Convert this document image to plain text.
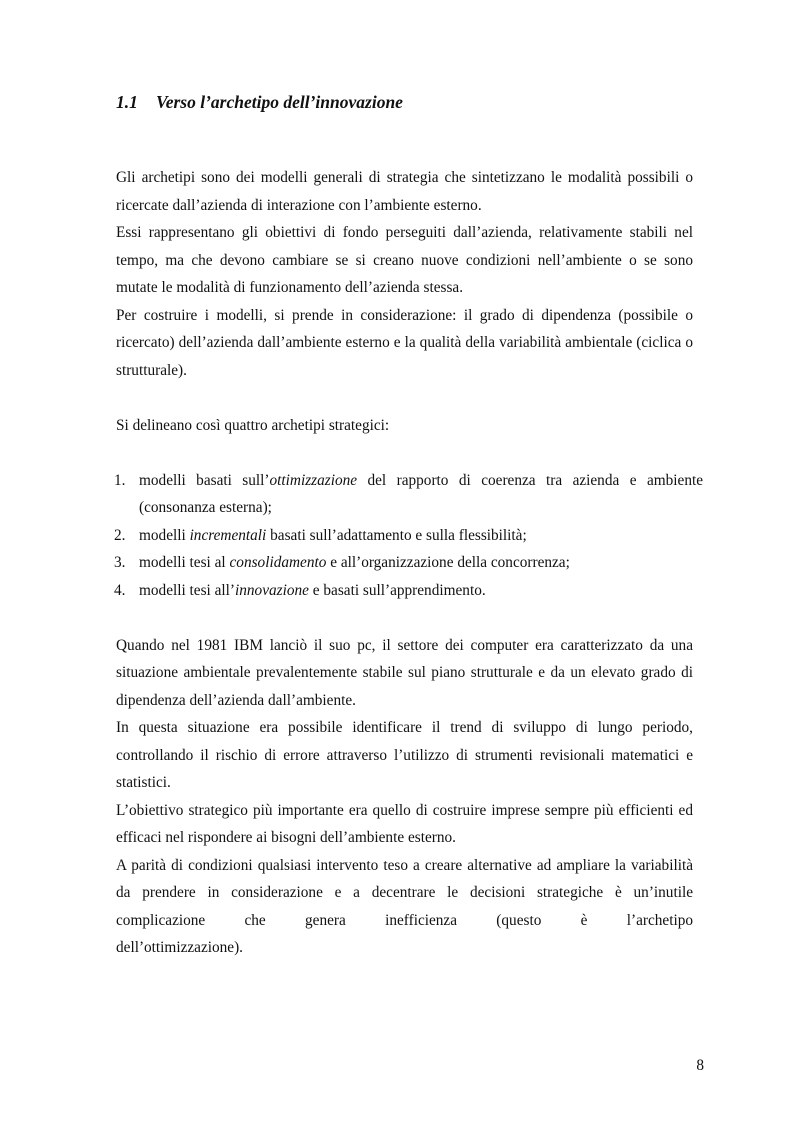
1.1 Verso l’archetipo dell’innovazione

Gli archetipi sono dei modelli generali di strategia che sintetizzano le modalità possibili o ricercate dall’azienda di interazione con l’ambiente esterno.

Essi rappresentano gli obiettivi di fondo perseguiti dall’azienda, relativamente stabili nel tempo, ma che devono cambiare se si creano nuove condizioni nell’ambiente o se sono mutate le modalità di funzionamento dell’azienda stessa.

Per costruire i modelli, si prende in considerazione: il grado di dipendenza (possibile o ricercato) dell’azienda dall’ambiente esterno e la qualità della variabilità ambientale (ciclica o strutturale).

Si delineano così quattro archetipi strategici:

1. modelli basati sull’ottimizzazione del rapporto di coerenza tra azienda e ambiente (consonanza esterna);
2. modelli incrementali basati sull’adattamento e sulla flessibilità;
3. modelli tesi al consolidamento e all’organizzazione della concorrenza;
4. modelli tesi all’innovazione e basati sull’apprendimento.

Quando nel 1981 IBM lanciò il suo pc, il settore dei computer era caratterizzato da una situazione ambientale prevalentemente stabile sul piano strutturale e da un elevato grado di dipendenza dell’azienda dall’ambiente.

In questa situazione era possibile identificare il trend di sviluppo di lungo periodo, controllando il rischio di errore attraverso l’utilizzo di strumenti revisionali matematici e statistici.

L’obiettivo strategico più importante era quello di costruire imprese sempre più efficienti ed efficaci nel rispondere ai bisogni dell’ambiente esterno.

A parità di condizioni qualsiasi intervento teso a creare alternative ad ampliare la variabilità da prendere in considerazione e a decentrare le decisioni strategiche è un’inutile complicazione che genera inefficienza (questo è l’archetipo

dell’ottimizzazione).

8
